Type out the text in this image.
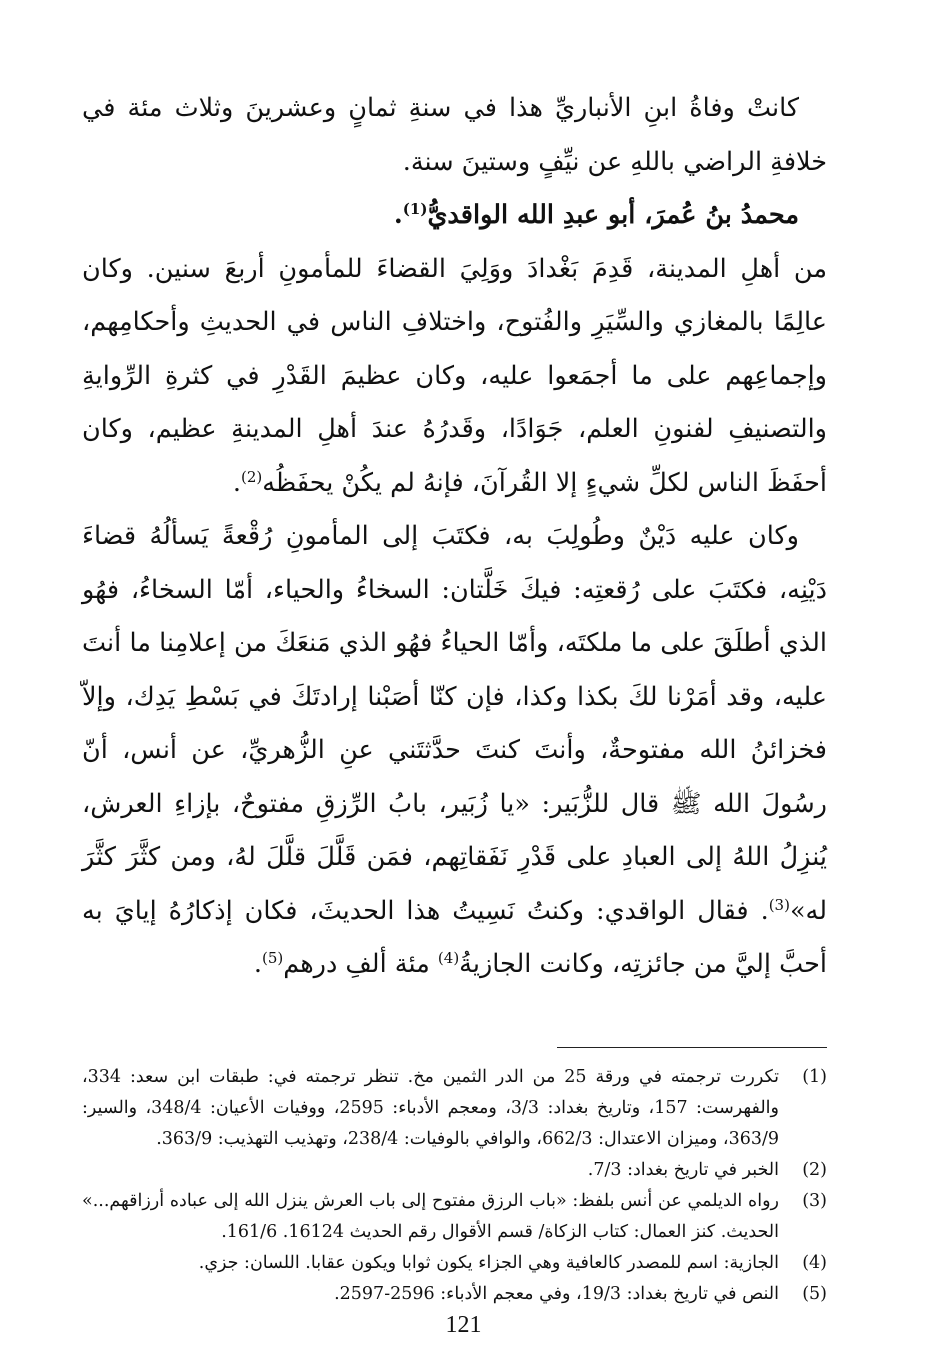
كانتْ وفاةُ ابنِ الأنباريِّ هذا في سنةِ ثمانٍ وعشرينَ وثلاث مئة في خلافةِ الراضي باللهِ عن نيِّفٍ وستينَ سنة.

محمدُ بنُ عُمرَ، أبو عبدِ الله الواقديُّ$^{(1)}$.

من أهلِ المدينة، قَدِمَ بَغْدادَ ووَلِيَ القضاءَ للمأمونِ أربعَ سنين. وكان عالِمًا بالمغازي والسِّيَرِ والفُتوح، واختلافِ الناس في الحديثِ وأحكامِهم، وإجماعِهم على ما أجمَعوا عليه، وكان عظيمَ القَدْرِ في كثرةِ الرِّوايةِ والتصنيفِ لفنونِ العلم، جَوَادًا، وقَدرُهُ عندَ أهلِ المدينةِ عظيم، وكان أحفَظَ الناس لكلِّ شيءٍ إلا القُرآنَ، فإنهُ لم يكُنْ يحفَظُه$^{(2)}$.

وكان عليه دَيْنٌ وطُولِبَ به، فكتَبَ إلى المأمونِ رُقْعةً يَسألُهُ قضاءَ دَيْنِه، فكتَبَ على رُقعتِه: فيكَ خَلَّتان: السخاءُ والحياء، أمّا السخاءُ، فهُو الذي أطلَقَ على ما ملكتَه، وأمّا الحياءُ فهُو الذي مَنعَكَ من إعلامِنا ما أنتَ عليه، وقد أمَرْنا لكَ بكذا وكذا، فإن كنّا أصَبْنا إرادتَكَ في بَسْطِ يَدِك، وإلاّ فخزائنُ الله مفتوحةٌ، وأنتَ كنتَ حدَّثتَني عنِ الزُّهريِّ، عن أنس، أنّ رسُولَ الله ﷺ قال للزُّبَير: «يا زُبَير، بابُ الرِّزقِ مفتوحٌ، بإزاءِ العرش، يُنزِلُ اللهُ إلى العبادِ على قَدْرِ نَفَقاتِهم، فمَن قَلَّلَ قلَّلَ لهُ، ومن كثَّرَ كثَّرَ له»$^{(3)}$. فقال الواقدي: وكنتُ نَسِيتُ هذا الحديثَ، فكان إذكارُهُ إيايَ به أحبَّ إليَّ من جائزتِه، وكانت الجازيةُ$^{(4)}$ مئة ألفِ درهم$^{(5)}$.

(1)
تكررت ترجمته في ورقة 25 من الدر الثمين مخ. تنظر ترجمته في: طبقات ابن سعد: 334، والفهرست: 157، وتاريخ بغداد: 3/3، ومعجم الأدباء: 2595، ووفيات الأعيان: 348/4، والسير: 363/9، وميزان الاعتدال: 662/3، والوافي بالوفيات: 238/4، وتهذيب التهذيب: 363/9.
(2)
الخبر في تاريخ بغداد: 7/3.
(3)
رواه الديلمي عن أنس بلفظ: «باب الرزق مفتوح إلى باب العرش ينزل الله إلى عباده أرزاقهم...» الحديث. كنز العمال: كتاب الزكاة/ قسم الأقوال رقم الحديث 16124. 161/6.
(4)
الجازية: اسم للمصدر كالعافية وهي الجزاء يكون ثوابا ويكون عقابا. اللسان: جزي.
(5)
النص في تاريخ بغداد: 19/3، وفي معجم الأدباء: 2596-2597.
121
